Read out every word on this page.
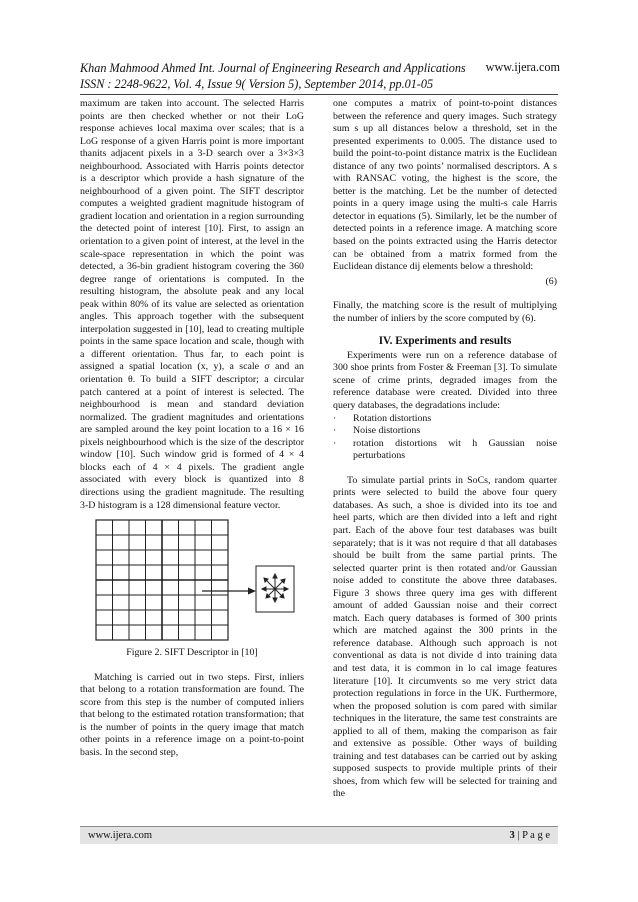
Khan Mahmood Ahmed Int. Journal of Engineering Research and Applications
ISSN : 2248-9622, Vol. 4, Issue 9( Version 5), September 2014, pp.01-05
www.ijera.com

maximum are taken into account. The selected Harris points are then checked whether or not their LoG response achieves local maxima over scales; that is a LoG response of a given Harris point is more important thanits adjacent pixels in a 3-D search over a 3×3×3 neighbourhood. Associated with Harris points detector is a descriptor which provide a hash signature of the neighbourhood of a given point. The SIFT descriptor computes a weighted gradient magnitude histogram of gradient location and orientation in a region surrounding the detected point of interest [10]. First, to assign an orientation to a given point of interest, at the level in the scale-space representation in which the point was detected, a 36-bin gradient histogram covering the 360 degree range of orientations is computed. In the resulting histogram, the absolute peak and any local peak within 80% of its value are selected as orientation angles. This approach together with the subsequent interpolation suggested in [10], lead to creating multiple points in the same space location and scale, though with a different orientation. Thus far, to each point is assigned a spatial location (x, y), a scale σ and an orientation θ. To build a SIFT descriptor; a circular patch cantered at a point of interest is selected. The neighbourhood is mean and standard deviation normalized. The gradient magnitudes and orientations are sampled around the key point location to a 16 × 16 pixels neighbourhood which is the size of the descriptor window [10]. Such window grid is formed of 4 × 4 blocks each of 4 × 4 pixels. The gradient angle associated with every block is quantized into 8 directions using the gradient magnitude. The resulting 3-D histogram is a 128 dimensional feature vector.

Figure 2. SIFT Descriptor in [10]

Matching is carried out in two steps. First, inliers that belong to a rotation transformation are found. The score from this step is the number of computed inliers that belong to the estimated rotation transformation; that is the number of points in the query image that match other points in a reference image on a point-to-point basis. In the second step,

one computes a matrix of point-to-point distances between the reference and query images. Such strategy sum s up all distances below a threshold, set in the presented experiments to 0.005. The distance used to build the point-to-point distance matrix is the Euclidean distance of any two points’ normalised descriptors. A s with RANSAC voting, the highest is the score, the better is the matching. Let be the number of detected points in a query image using the multi-s cale Harris detector in equations (5). Similarly, let be the number of detected points in a reference image. A matching score based on the points extracted using the Harris detector can be obtained from a matrix formed from the Euclidean distance dij elements below a threshold:

(6)

Finally, the matching score is the result of multiplying the number of inliers by the score computed by (6).

IV. Experiments and results

Experiments were run on a reference database of 300 shoe prints from Foster & Freeman [3]. To simulate scene of crime prints, degraded images from the reference database were created. Divided into three query databases, the degradations include:

· Rotation distortions
· Noise distortions
· rotation distortions wit h Gaussian noise perturbations

To simulate partial prints in SoCs, random quarter prints were selected to build the above four query databases. As such, a shoe is divided into its toe and heel parts, which are then divided into a left and right part. Each of the above four test databases was built separately; that is it was not require d that all databases should be built from the same partial prints. The selected quarter print is then rotated and/or Gaussian noise added to constitute the above three databases. Figure 3 shows three query ima ges with different amount of added Gaussian noise and their correct match. Each query databases is formed of 300 prints which are matched against the 300 prints in the reference database. Although such approach is not conventional as data is not divide d into training data and test data, it is common in lo cal image features literature [10]. It circumvents so me very strict data protection regulations in force in the UK. Furthermore, when the proposed solution is com pared with similar techniques in the literature, the same test constraints are applied to all of them, making the comparison as fair and extensive as possible. Other ways of building training and test databases can be carried out by asking supposed suspects to provide multiple prints of their shoes, from which few will be selected for training and the

www.ijera.com	3 | P a g e
